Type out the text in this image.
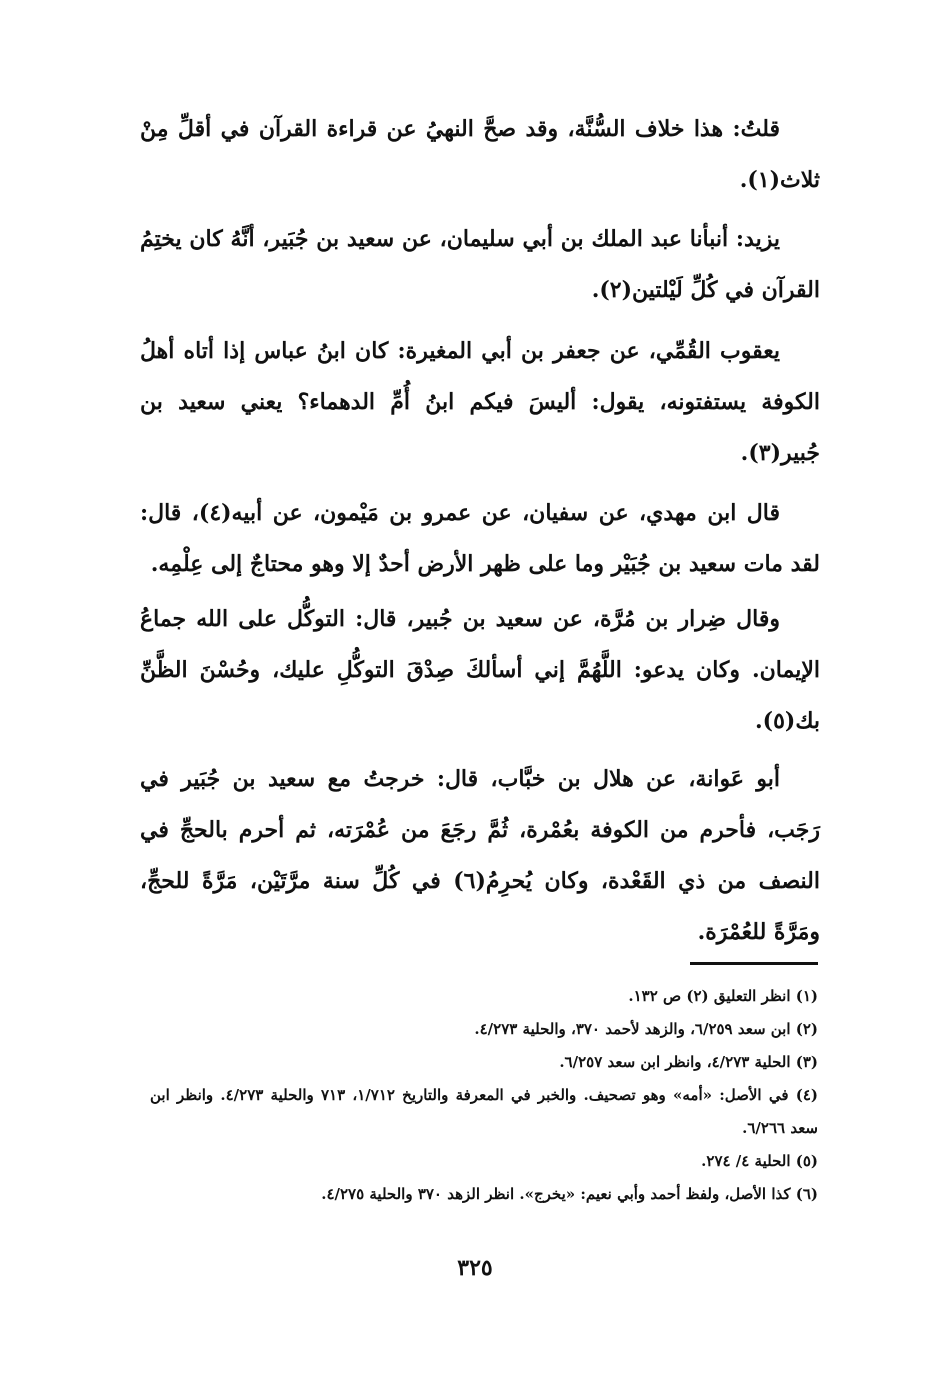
قلتُ: هذا خلاف السُّنَّة، وقد صحَّ النهيُ عن قراءة القرآن في أقلِّ مِنْ ثلاث(١).

يزيد: أنبأنا عبد الملك بن أبي سليمان، عن سعيد بن جُبَير، أنَّهُ كان يختِمُ القرآن في كُلِّ لَيْلتين(٢).

يعقوب القُمِّي، عن جعفر بن أبي المغيرة: كان ابنُ عباس إذا أتاه أهلُ الكوفة يستفتونه، يقول: أليسَ فيكم ابنُ أُمِّ الدهماء؟ يعني سعيد بن جُبير(٣).

قال ابن مهدي، عن سفيان، عن عمرو بن مَيْمون، عن أبيه(٤)، قال: لقد مات سعيد بن جُبَيْر وما على ظهر الأرض أحدٌ إلا وهو محتاجٌ إلى عِلْمِه.

وقال ضِرار بن مُرَّة، عن سعيد بن جُبير، قال: التوكُّل على الله جماعُ الإيمان. وكان يدعو: اللَّهُمَّ إني أسألكَ صِدْقَ التوكُّلِ عليك، وحُسْنَ الظَّنِّ بك(٥).

أبو عَوانة، عن هلال بن خبَّاب، قال: خرجتُ مع سعيد بن جُبَير في رَجَب، فأحرم من الكوفة بعُمْرة، ثُمَّ رجَعَ من عُمْرَته، ثم أحرم بالحجِّ في النصف من ذي القَعْدة، وكان يُحرِمُ(٦) في كُلِّ سنة مرَّتَيْن، مَرَّةً للحجِّ، ومَرَّةً للعُمْرَة.

(١) انظر التعليق (٢) ص ١٣٢.

(٢) ابن سعد ٦/٢٥٩، والزهد لأحمد ٣٧٠، والحلية ٤/٢٧٣.

(٣) الحلية ٤/٢٧٣، وانظر ابن سعد ٦/٢٥٧.

(٤) في الأصل: «أمه» وهو تصحيف. والخبر في المعرفة والتاريخ ١/٧١٢، ٧١٣ والحلية ٤/٢٧٣. وانظر ابن سعد ٦/٢٦٦.

(٥) الحلية ٤/ ٢٧٤.

(٦) كذا الأصل، ولفظ أحمد وأبي نعيم: «يخرج». انظر الزهد ٣٧٠ والحلية ٤/٢٧٥.

٣٢٥
